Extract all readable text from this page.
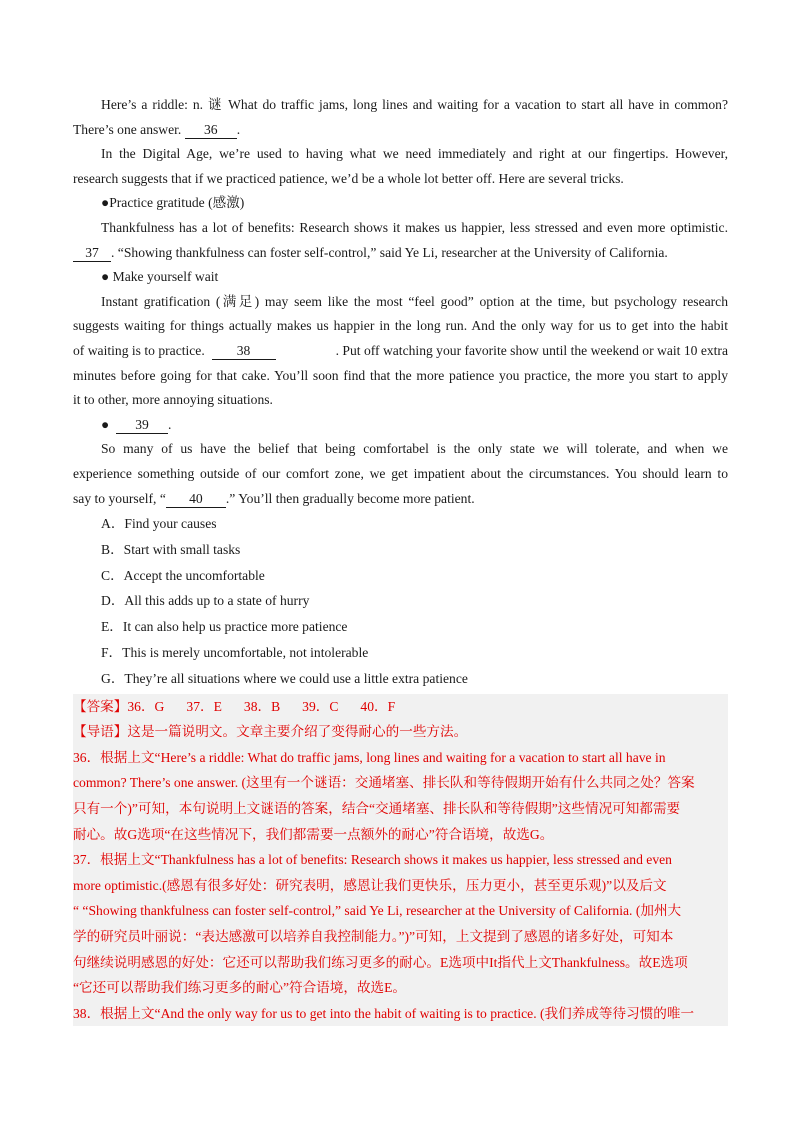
Here’s a riddle: n. 谜 What do traffic jams, long lines and waiting for a vacation to start all have in common?
There’s one answer. 36 .
In the Digital Age, we’re used to having what we need immediately and right at our fingertips. However,
research suggests that if we practiced patience, we’d be a whole lot better off. Here are several tricks.
●Practice gratitude (感激)
Thankfulness has a lot of benefits: Research shows it makes us happier, less stressed and even more optimistic.
37 . “Showing thankfulness can foster self-control,” said Ye Li, researcher at the University of California.
● Make yourself wait
Instant gratification (满足) may seem like the most “feel good” option at the time, but psychology research
suggests waiting for things actually makes us happier in the long run. And the only way for us to get into the habit
of waiting is to practice.  38	. Put off watching your favorite show until the weekend or wait 10 extra
minutes before going for that cake. You’ll soon find that the more patience you practice, the more you start to apply
it to other, more annoying situations.
●  39 .
So many of us have the belief that being comfortabel is the only state we will tolerate, and when we
experience something outside of our comfort zone, we get impatient about the circumstances. You should learn to
say to yourself, “ 40 .” You’ll then gradually become more patient.
A．Find your causes
B．Start with small tasks
C．Accept the uncomfortable
D．All this adds up to a state of hurry
E．It can also help us practice more patience
F．This is merely uncomfortable, not intolerable
G．They’re all situations where we could use a little extra patience
【答案】36．G 37．E 38．B 39．C 40．F
【导语】这是一篇说明文。文章主要介绍了变得耐心的一些方法。
36．根据上文“Here’s a riddle: What do traffic jams, long lines and waiting for a vacation to start all have in
common? There’s one answer. (这里有一个谜语：交通堵塞、排长队和等待假期开始有什么共同之处？答案
只有一个)”可知，本句说明上文谜语的答案，结合“交通堵塞、排长队和等待假期”这些情况可知都需要
耐心。故G选项“在这些情况下，我们都需要一点额外的耐心”符合语境，故选G。
37．根据上文“Thankfulness has a lot of benefits: Research shows it makes us happier, less stressed and even
more optimistic.(感恩有很多好处：研究表明，感恩让我们更快乐，压力更小，甚至更乐观)”以及后文
“ “Showing thankfulness can foster self-control,” said Ye Li, researcher at the University of California. (加州大
学的研究员叶丽说：“表达感激可以培养自我控制能力。”)”可知，上文提到了感恩的诸多好处，可知本
句继续说明感恩的好处：它还可以帮助我们练习更多的耐心。E选项中It指代上文Thankfulness。故E选项
“它还可以帮助我们练习更多的耐心”符合语境，故选E。
38．根据上文“And the only way for us to get into the habit of waiting is to practice. (我们养成等待习惯的唯一
